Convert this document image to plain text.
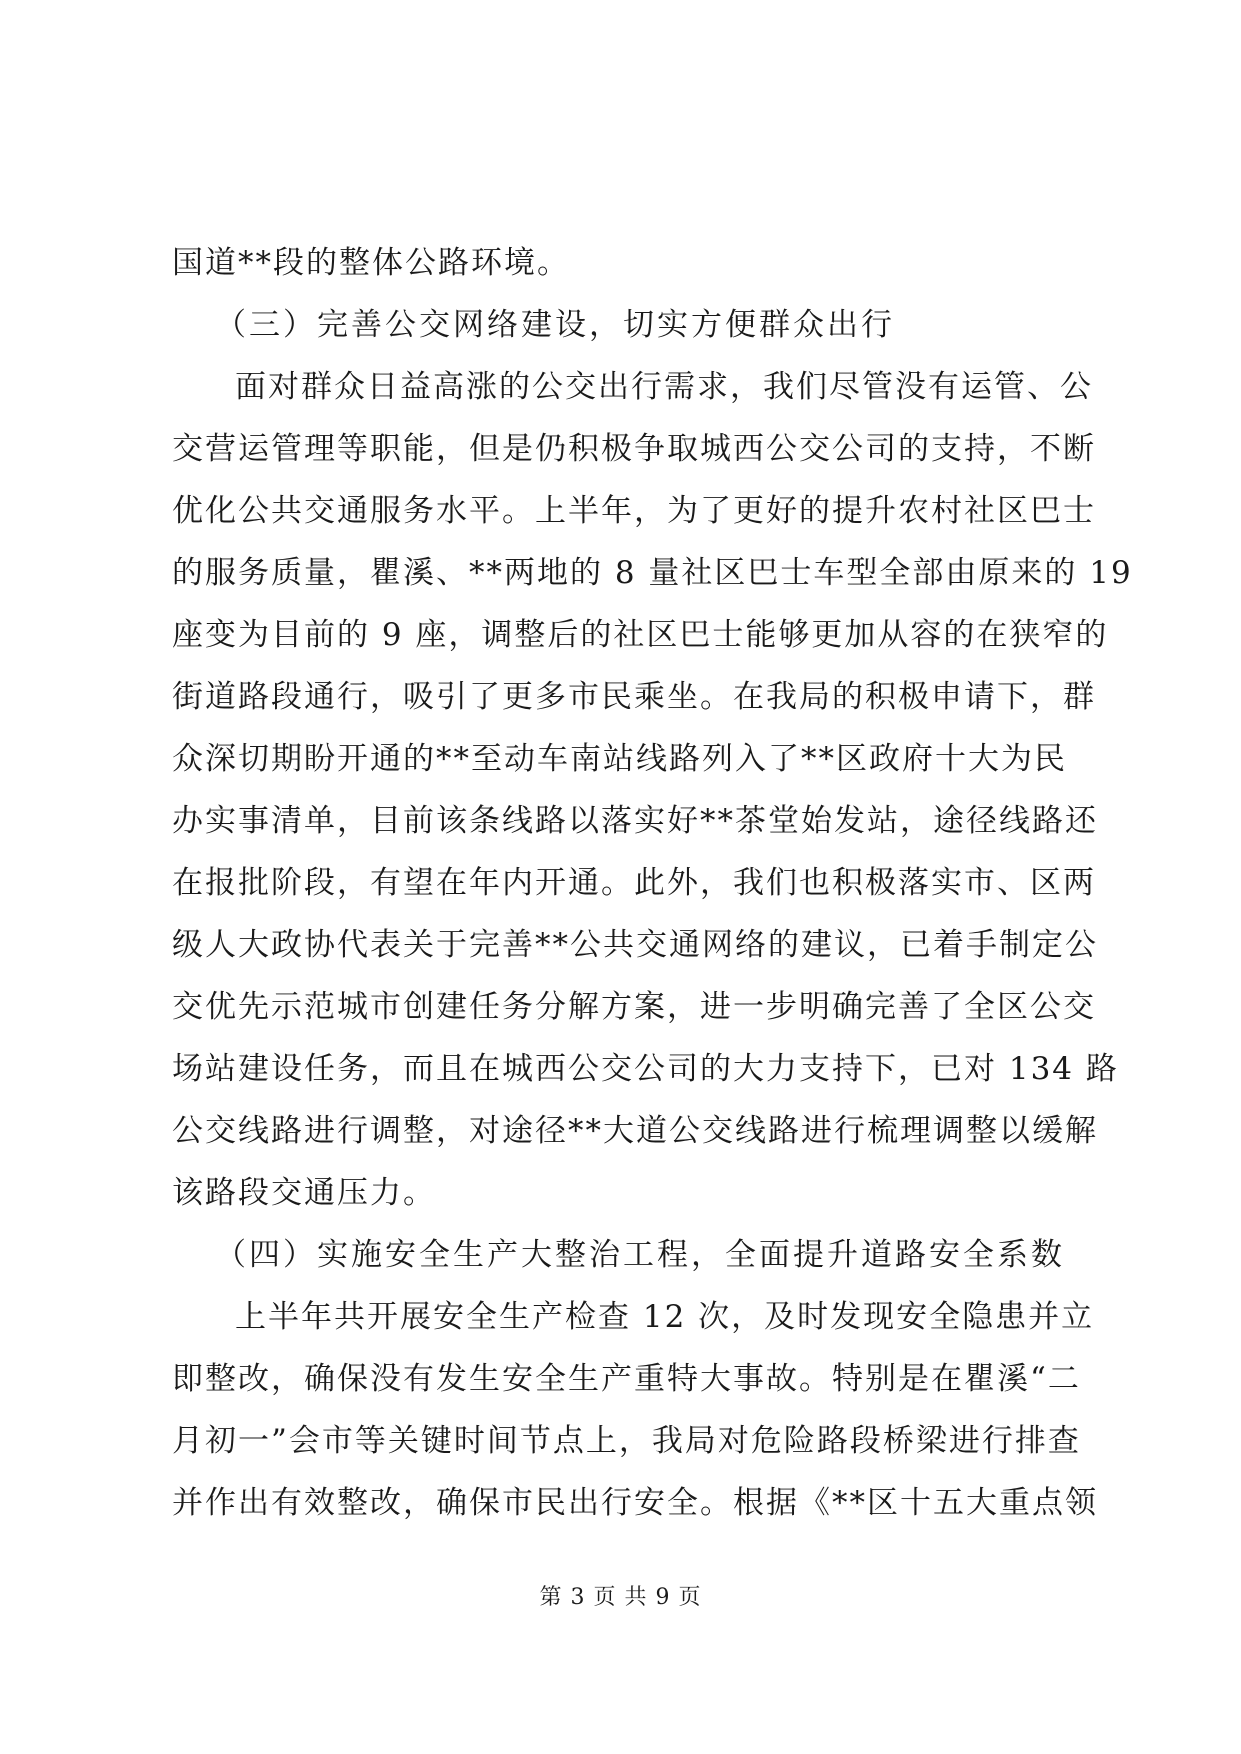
国道**段的整体公路环境。
（三）完善公交网络建设，切实方便群众出行
面对群众日益高涨的公交出行需求，我们尽管没有运管、公
交营运管理等职能，但是仍积极争取城西公交公司的支持，不断
优化公共交通服务水平。上半年，为了更好的提升农村社区巴士
的服务质量，瞿溪、**两地的 8 量社区巴士车型全部由原来的 19
座变为目前的 9 座，调整后的社区巴士能够更加从容的在狭窄的
街道路段通行，吸引了更多市民乘坐。在我局的积极申请下，群
众深切期盼开通的**至动车南站线路列入了**区政府十大为民
办实事清单，目前该条线路以落实好**茶堂始发站，途径线路还
在报批阶段，有望在年内开通。此外，我们也积极落实市、区两
级人大政协代表关于完善**公共交通网络的建议，已着手制定公
交优先示范城市创建任务分解方案，进一步明确完善了全区公交
场站建设任务，而且在城西公交公司的大力支持下，已对 134 路
公交线路进行调整，对途径**大道公交线路进行梳理调整以缓解
该路段交通压力。
（四）实施安全生产大整治工程，全面提升道路安全系数
上半年共开展安全生产检查 12 次，及时发现安全隐患并立
即整改，确保没有发生安全生产重特大事故。特别是在瞿溪“二
月初一”会市等关键时间节点上，我局对危险路段桥梁进行排查
并作出有效整改，确保市民出行安全。根据《**区十五大重点领
第 3 页 共 9 页
